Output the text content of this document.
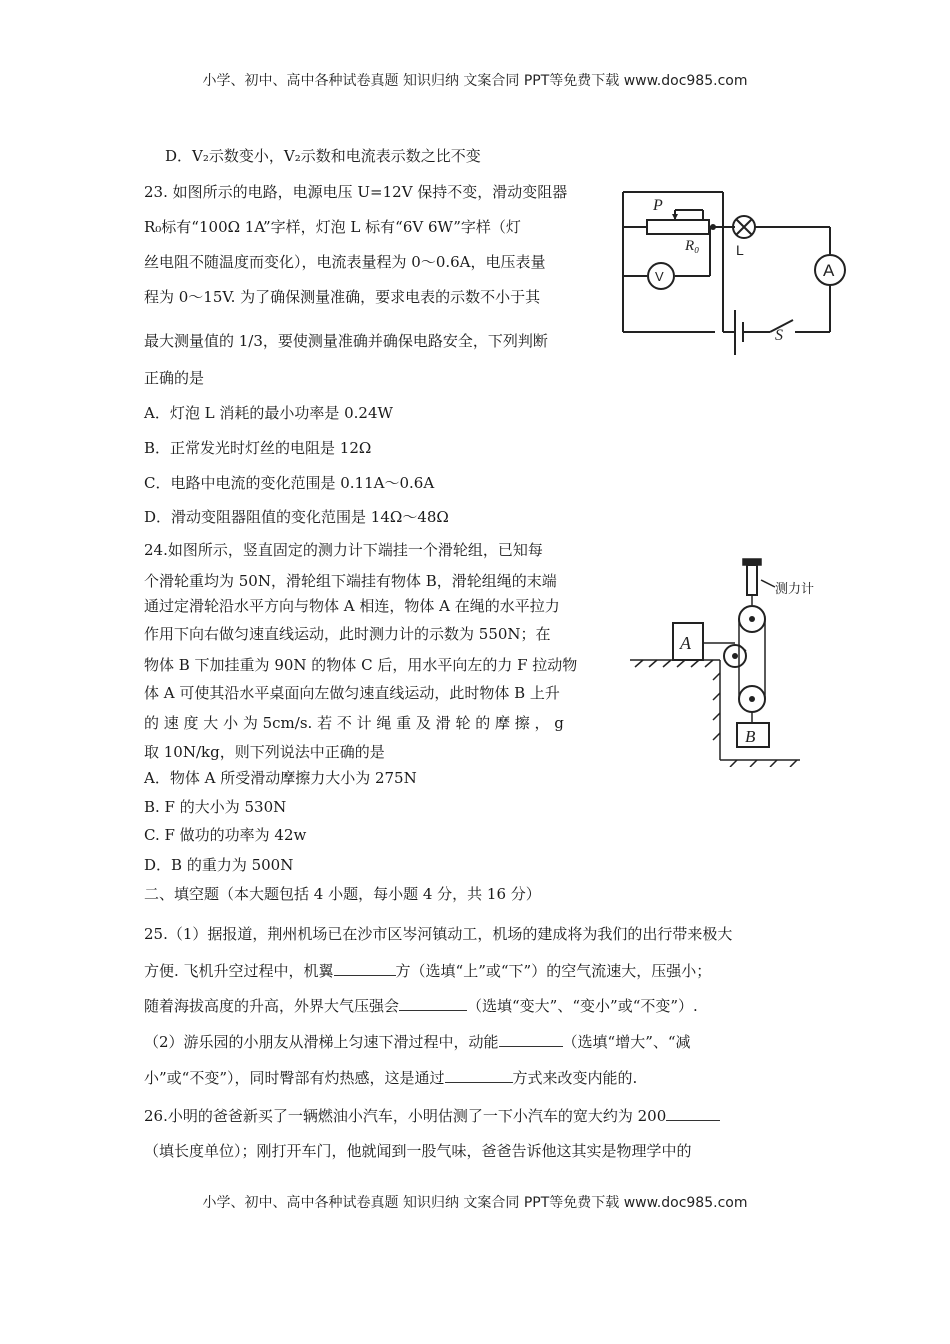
小学、初中、高中各种试卷真题 知识归纳 文案合同 PPT等免费下载 www.doc985.com
D．V₂示数变小，V₂示数和电流表示数之比不变
23. 如图所示的电路，电源电压 U=12V 保持不变，滑动变阻器
R₀标有“100Ω 1A”字样，灯泡 L 标有“6V 6W”字样（灯
丝电阻不随温度而变化），电流表量程为 0～0.6A，电压表量
程为 0～15V. 为了确保测量准确，要求电表的示数不小于其
最大测量值的 1/3，要使测量准确并确保电路安全，下列判断
正确的是
A．灯泡 L 消耗的最小功率是 0.24W
B．正常发光时灯丝的电阻是 12Ω
C．电路中电流的变化范围是 0.11A～0.6A
D．滑动变阻器阻值的变化范围是 14Ω～48Ω
P
R₀
S
L
V	A
24.如图所示，竖直固定的测力计下端挂一个滑轮组，已知每
个滑轮重均为 50N，滑轮组下端挂有物体 B，滑轮组绳的末端
通过定滑轮沿水平方向与物体 A 相连，物体 A 在绳的水平拉力
作用下向右做匀速直线运动，此时测力计的示数为 550N；在
物体 B 下加挂重为 90N 的物体 C 后，用水平向左的力 F 拉动物
体 A 可使其沿水平桌面向左做匀速直线运动，此时物体 B 上升
的 速 度 大 小 为 5cm/s. 若 不 计 绳 重 及 滑 轮 的 摩 擦 ， g
取 10N/kg，则下列说法中正确的是
A．物体 A 所受滑动摩擦力大小为 275N
B. F 的大小为 530N
C. F 做功的功率为 42w
D．B 的重力为 500N
测力计
A
B
二、填空题（本大题包括 4 小题，每小题 4 分，共 16 分）
25.（1）据报道，荆州机场已在沙市区岑河镇动工，机场的建成将为我们的出行带来极大
方便. 飞机升空过程中，机翼	方（选填“上”或“下”）的空气流速大，压强小；
随着海拔高度的升高，外界大气压强会	（选填“变大”、“变小”或“不变”）.
（2）游乐园的小朋友从滑梯上匀速下滑过程中，动能	（选填“增大”、“减
小”或“不变”），同时臀部有灼热感，这是通过	方式来改变内能的.
26.小明的爸爸新买了一辆燃油小汽车，小明估测了一下小汽车的宽大约为 200
（填长度单位）；刚打开车门，他就闻到一股气味，爸爸告诉他这其实是物理学中的
小学、初中、高中各种试卷真题 知识归纳 文案合同 PPT等免费下载 www.doc985.com
